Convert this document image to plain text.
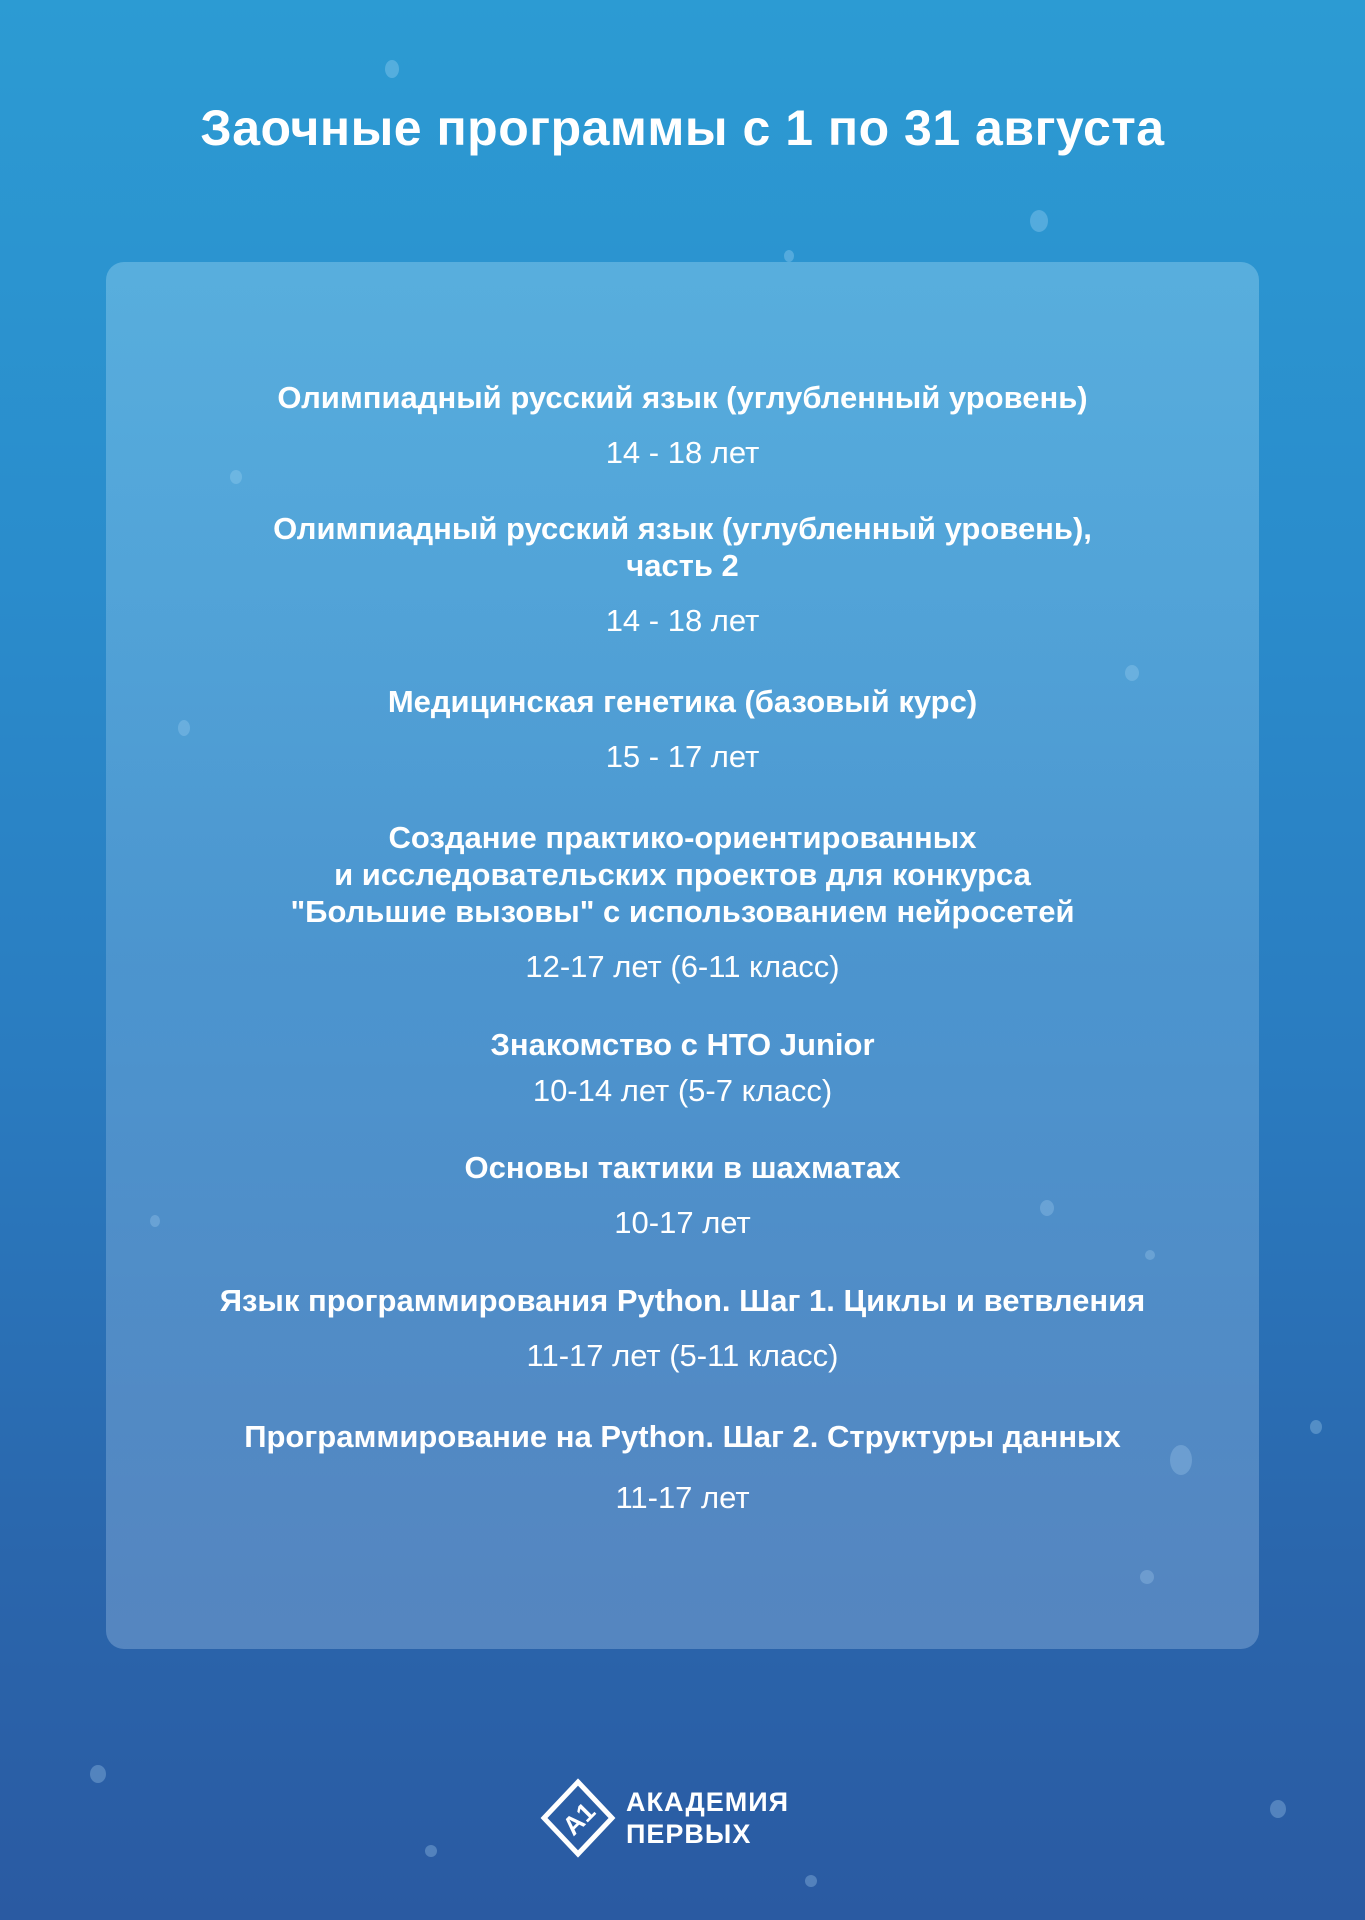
Заочные программы с 1 по 31 августа
Олимпиадный русский язык (углубленный уровень)
14 - 18 лет
Олимпиадный русский язык (углубленный уровень),
часть 2
14 - 18 лет
Медицинская генетика (базовый курс)
15 - 17 лет
Создание практико-ориентированных
и исследовательских проектов для конкурса
"Большие вызовы" с использованием нейросетей
12-17 лет (6-11 класс)
Знакомство с НТО Junior
10-14 лет (5-7 класс)
Основы тактики в шахматах
10-17 лет
Язык программирования Python. Шаг 1. Циклы и ветвления
11-17 лет (5-11 класс)
Программирование на Python. Шаг 2. Структуры данных
11-17 лет
A1 АКАДЕМИЯ
ПЕРВЫХ
